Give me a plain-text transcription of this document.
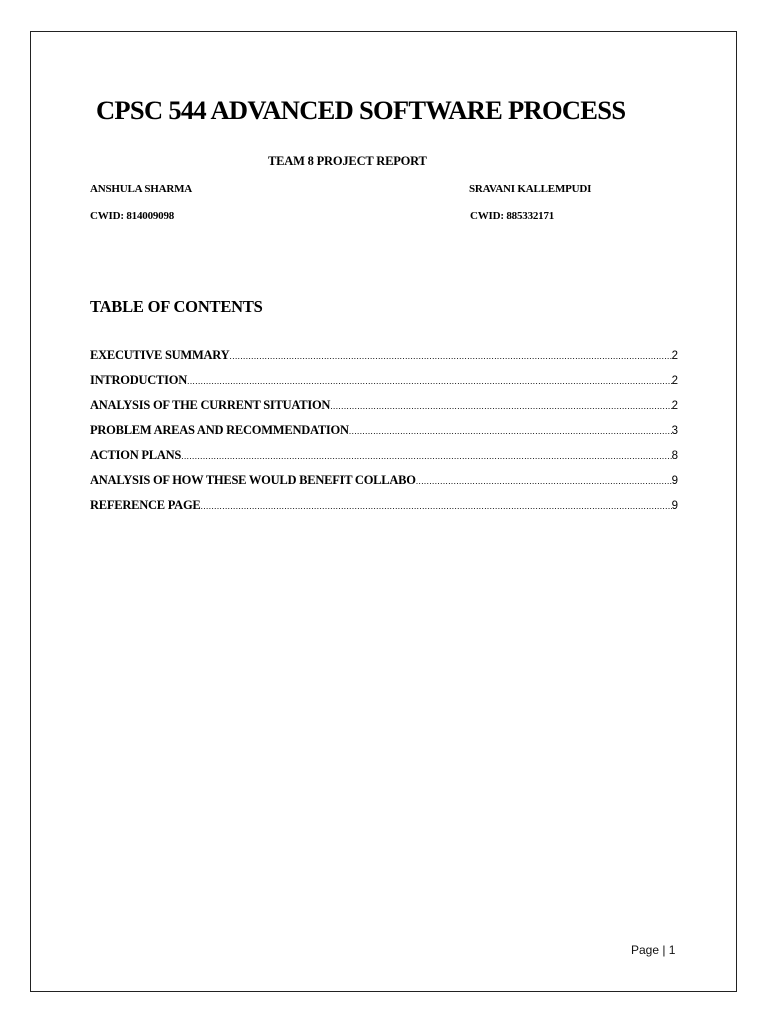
CPSC 544 ADVANCED SOFTWARE PROCESS
TEAM 8 PROJECT REPORT
ANSHULA SHARMA
CWID: 814009098
SRAVANI KALLEMPUDI
CWID: 885332171
TABLE OF CONTENTS
EXECUTIVE SUMMARY .....	2
INTRODUCTION .....	2
ANALYSIS OF THE CURRENT SITUATION .....	2
PROBLEM AREAS AND RECOMMENDATION .....	3
ACTION PLANS .....	8
ANALYSIS OF HOW THESE WOULD BENEFIT COLLABO .....	9
REFERENCE PAGE .....	9
Page | 1
